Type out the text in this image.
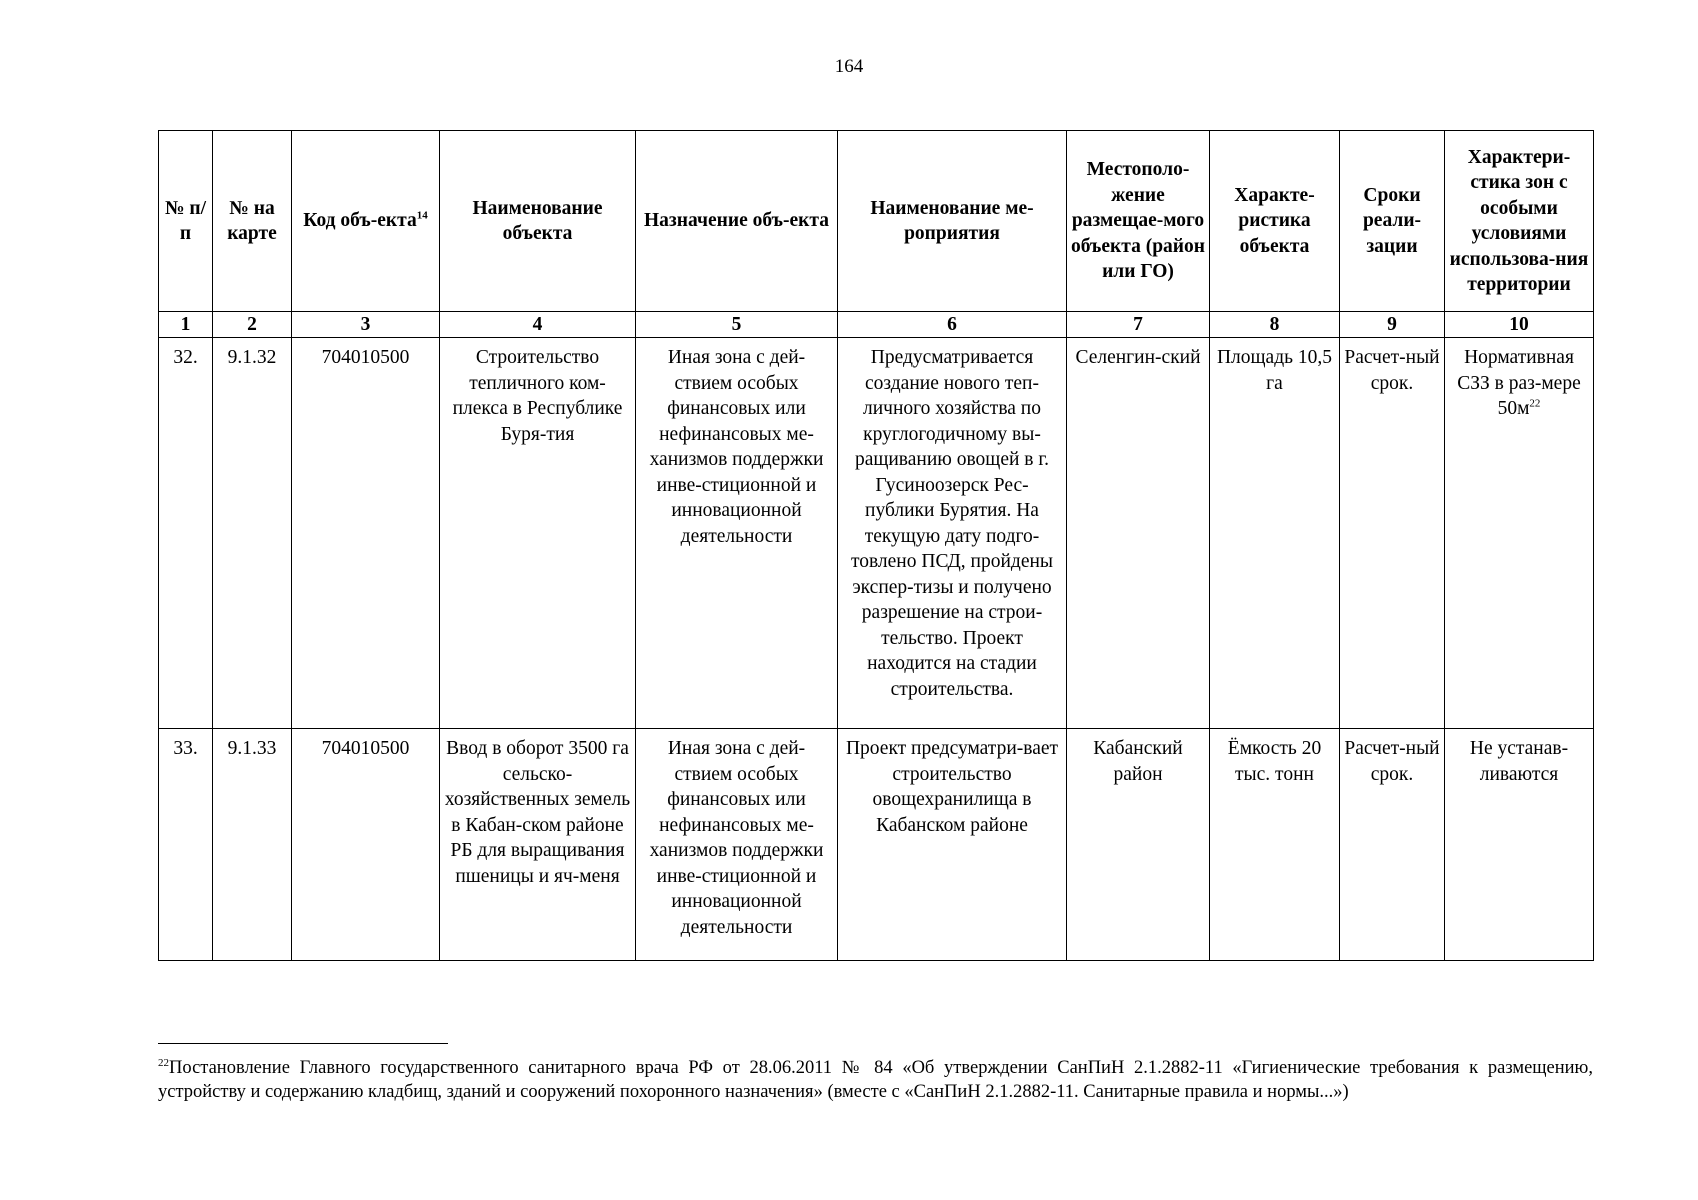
164
№ п/п	№ на карте	Код объ-екта$^{14}$	Наименование объекта	Назначение объ-екта	Наименование ме-роприятия	Местополо-жение размещае-мого объекта (район или ГО)	Характе-ристика объекта	Сроки реали-зации	Характери-стика зон с особыми условиями использова-ния территории
1	2	3	4	5	6	7	8	9	10
32.	9.1.32	704010500	Строительство тепличного ком-плекса в Республике Буря-тия	Иная зона с дей-ствием особых финансовых или нефинансовых ме-ханизмов поддержки инве-стиционной и инновационной деятельности	Предусматривается создание нового теп-личного хозяйства по круглогодичному вы-ращиванию овощей в г. Гусиноозерск Рес-публики Бурятия. На текущую дату подго-товлено ПСД, пройдены экспер-тизы и получено разрешение на строи-тельство. Проект находится на стадии строительства.	Селенгин-ский	Площадь 10,5 га	Расчет-ный срок.	Нормативная СЗЗ в раз-мере $50м^{22}$
33.	9.1.33	704010500	Ввод в оборот 3500 га сельско-хозяйственных земель в Кабан-ском районе РБ для выращивания пшеницы и яч-меня	Иная зона с дей-ствием особых финансовых или нефинансовых ме-ханизмов поддержки инве-стиционной и инновационной деятельности	Проект предсуматри-вает строительство овощехранилища в Кабанском районе	Кабанский район	Ёмкость 20 тыс. тонн	Расчет-ный срок.	Не устанав-ливаются
$^{22}$Постановление Главного государственного санитарного врача РФ от 28.06.2011 № 84 «Об утверждении СанПиН 2.1.2882-11 «Гигиенические требования к размещению, устройству и содержанию кладбищ, зданий и сооружений похоронного назначения» (вместе с «СанПиН 2.1.2882-11. Санитарные правила и нормы...»)
